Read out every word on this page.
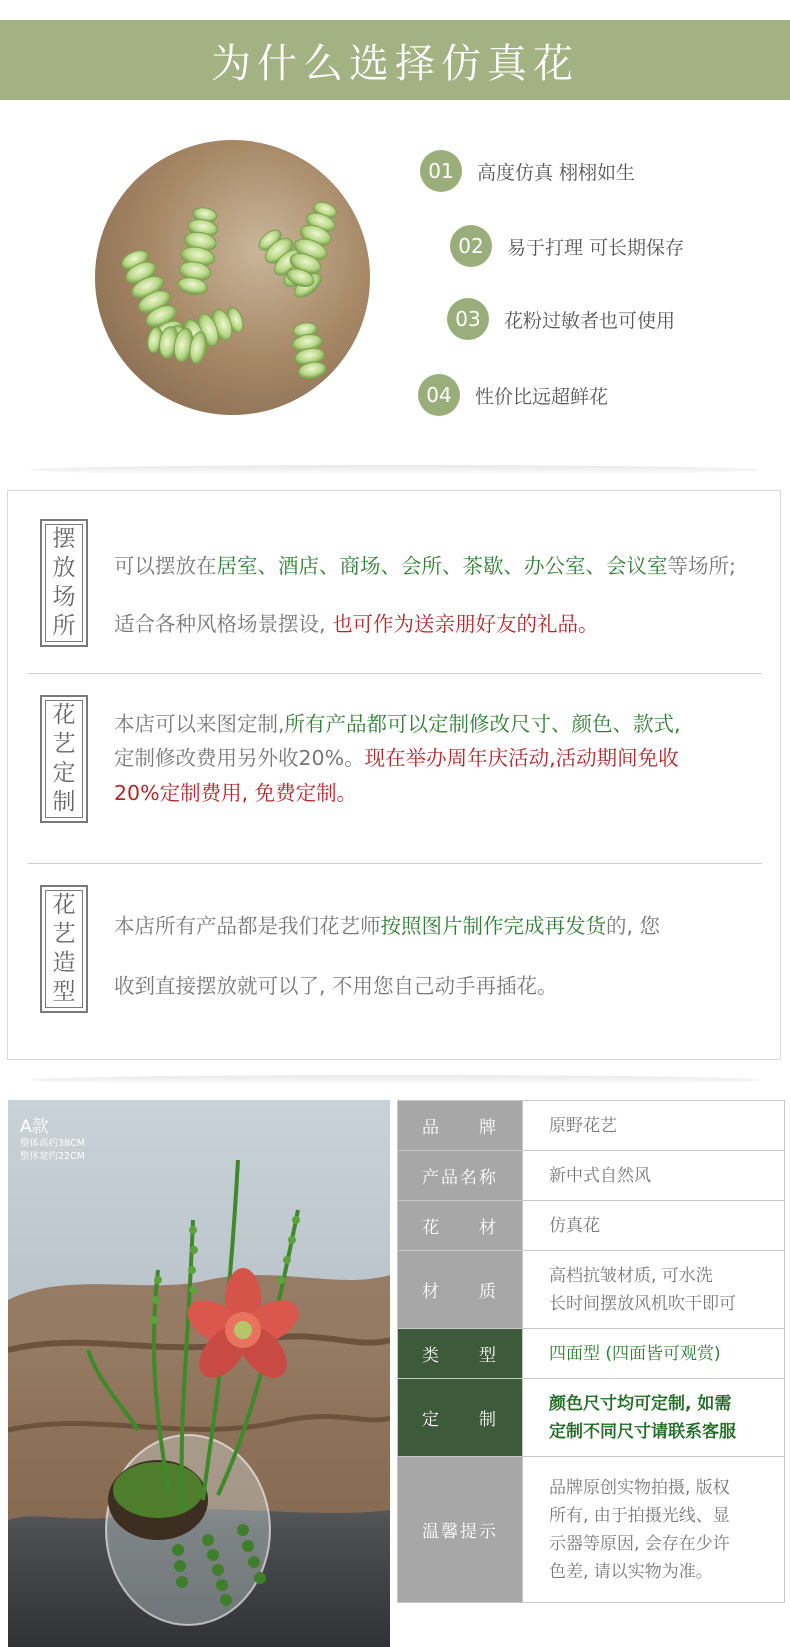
为什么选择仿真花
01	高度仿真 栩栩如生
02	易于打理 可长期保存
03	花粉过敏者也可使用
04	性价比远超鲜花
摆
放
场
所
可以摆放在居室、酒店、商场、会所、茶歇、办公室、会议室等场所;
适合各种风格场景摆设, 也可作为送亲朋好友的礼品。
花
艺
定
制
本店可以来图定制,所有产品都可以定制修改尺寸、颜色、款式,
定制修改费用另外收20%。现在举办周年庆活动,活动期间免收
20%定制费用, 免费定制。
花
艺
造
型
本店所有产品都是我们花艺师按照图片制作完成再发货的, 您
收到直接摆放就可以了, 不用您自己动手再插花。
A款
整体高约38CM
整体宽约22CM
品　　牌	原野花艺
产品名称	新中式自然风
花　　材	仿真花
材　　质	高档抗皱材质, 可水洗
长时间摆放风机吹干即可

类　　型	四面型 (四面皆可观赏)
定　　制	颜色尺寸均可定制, 如需
定制不同尺寸请联系客服

温馨提示	品牌原创实物拍摄, 版权
所有, 由于拍摄光线、显
示器等原因, 会存在少许
色差, 请以实物为准。
